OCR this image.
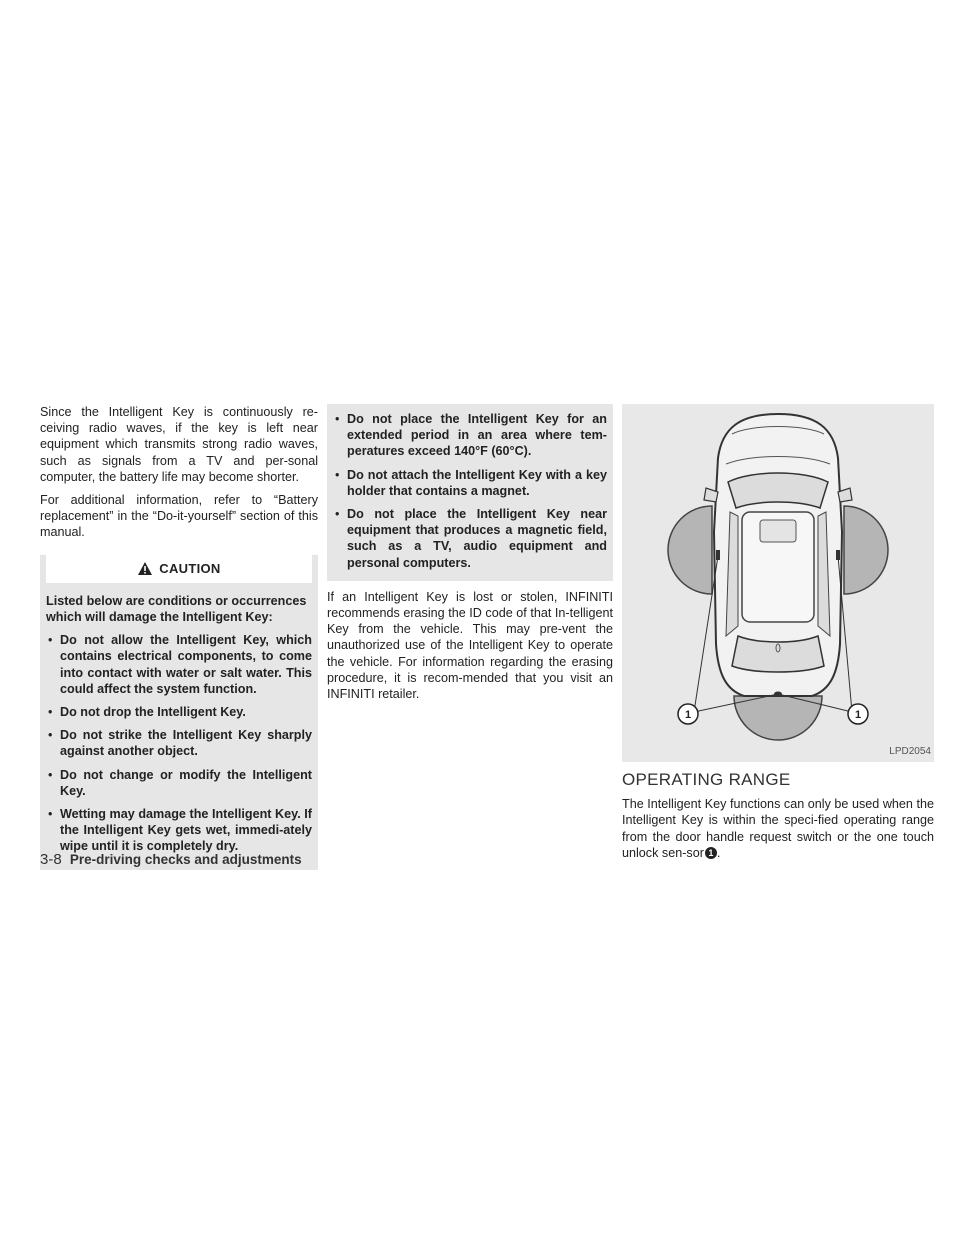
Since the Intelligent Key is continuously re-ceiving radio waves, if the key is left near equipment which transmits strong radio waves, such as signals from a TV and per-sonal computer, the battery life may become shorter.

For additional information, refer to “Battery replacement” in the “Do-it-yourself” section of this manual.

CAUTION

Listed below are conditions or occurrences which will damage the Intelligent Key:

• Do not allow the Intelligent Key, which contains electrical components, to come into contact with water or salt water. This could affect the system function.
• Do not drop the Intelligent Key.
• Do not strike the Intelligent Key sharply against another object.
• Do not change or modify the Intelligent Key.
• Wetting may damage the Intelligent Key. If the Intelligent Key gets wet, immedi-ately wipe until it is completely dry.
• Do not place the Intelligent Key for an extended period in an area where tem-peratures exceed 140°F (60°C).
• Do not attach the Intelligent Key with a key holder that contains a magnet.
• Do not place the Intelligent Key near equipment that produces a magnetic field, such as a TV, audio equipment and personal computers.

If an Intelligent Key is lost or stolen, INFINITI recommends erasing the ID code of that In-telligent Key from the vehicle. This may pre-vent the unauthorized use of the Intelligent Key to operate the vehicle. For information regarding the erasing procedure, it is recom-mended that you visit an INFINITI retailer.

1	1
LPD2054
OPERATING RANGE

The Intelligent Key functions can only be used when the Intelligent Key is within the speci-fied operating range from the door handle request switch or the one touch unlock sen-sor 1 .

3-8 Pre-driving checks and adjustments
